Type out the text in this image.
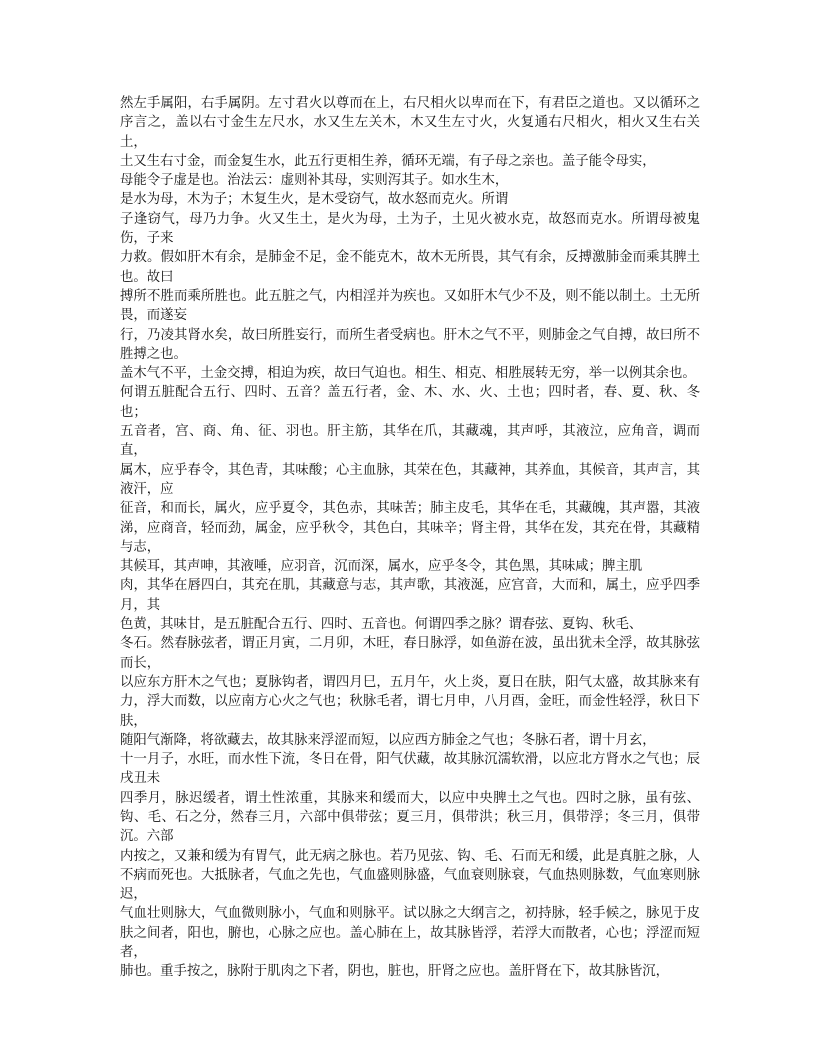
然左手属阳，右手属阴。左寸君火以尊而在上，右尺相火以卑而在下，有君臣之道也。又以循环之序言之，盖以右寸金生左尺水，水又生左关木，木又生左寸火，火复通右尺相火，相火又生右关土，

土又生右寸金，而金复生水，此五行更相生养，循环无端，有子母之亲也。盖子能令母实，

母能令子虚是也。治法云：虚则补其母，实则泻其子。如水生木，

是水为母，木为子；木复生火，是木受窃气，故水怒而克火。所谓

子逢窃气，母乃力争。火又生土，是火为母，土为子，土见火被水克，故怒而克水。所谓母被鬼伤，子来

力救。假如肝木有余，是肺金不足，金不能克木，故木无所畏，其气有余，反搏激肺金而乘其脾土也。故曰

搏所不胜而乘所胜也。此五脏之气，内相淫并为疾也。又如肝木气少不及，则不能以制土。土无所畏，而遂妄

行，乃凌其肾水矣，故曰所胜妄行，而所生者受病也。肝木之气不平，则肺金之气自搏，故曰所不胜搏之也。

盖木气不平，土金交搏，相迫为疾，故曰气迫也。相生、相克、相胜展转无穷，举一以例其余也。

何谓五脏配合五行、四时、五音？盖五行者，金、木、水、火、土也；四时者，春、夏、秋、冬也；

五音者，宫、商、角、征、羽也。肝主筋，其华在爪，其藏魂，其声呼，其液泣，应角音，调而直，

属木，应乎春令，其色青，其味酸；心主血脉，其荣在色，其藏神，其养血，其候音，其声言，其液汗，应

征音，和而长，属火，应乎夏令，其色赤，其味苦；肺主皮毛，其华在毛，其藏魄，其声嚣，其液涕，应商音，轻而劲，属金，应乎秋令，其色白，其味辛；肾主骨，其华在发，其充在骨，其藏精与志，

其候耳，其声呻，其液唾，应羽音，沉而深，属水，应乎冬令，其色黑，其味咸；脾主肌

肉，其华在唇四白，其充在肌，其藏意与志，其声歌，其液涎，应宫音，大而和，属土，应乎四季月，其

色黄，其味甘，是五脏配合五行、四时、五音也。何谓四季之脉？谓春弦、夏钩、秋毛、

冬石。然春脉弦者，谓正月寅，二月卯，木旺，春日脉浮，如鱼游在波，虽出犹未全浮，故其脉弦而长，

以应东方肝木之气也；夏脉钩者，谓四月巳，五月午，火上炎，夏日在肤，阳气太盛，故其脉来有力，浮大而数，以应南方心火之气也；秋脉毛者，谓七月申，八月酉，金旺，而金性轻浮，秋日下肤，

随阳气渐降，将欲藏去，故其脉来浮涩而短，以应西方肺金之气也；冬脉石者，谓十月玄，

十一月子，水旺，而水性下流，冬日在骨，阳气伏藏，故其脉沉濡软滑，以应北方肾水之气也；辰戌丑未

四季月，脉迟缓者，谓土性浓重，其脉来和缓而大，以应中央脾土之气也。四时之脉，虽有弦、钩、毛、石之分，然春三月，六部中俱带弦；夏三月，俱带洪；秋三月，俱带浮；冬三月，俱带沉。六部

内按之，又兼和缓为有胃气，此无病之脉也。若乃见弦、钩、毛、石而无和缓，此是真脏之脉，人不病而死也。大抵脉者，气血之先也，气血盛则脉盛，气血衰则脉衰，气血热则脉数，气血寒则脉迟，

气血壮则脉大，气血微则脉小，气血和则脉平。试以脉之大纲言之，初持脉，轻手候之，脉见于皮肤之间者，阳也，腑也，心脉之应也。盖心肺在上，故其脉皆浮，若浮大而散者，心也；浮涩而短者，

肺也。重手按之，脉附于肌肉之下者，阴也，脏也，肝肾之应也。盖肝肾在下，故其脉皆沉，
